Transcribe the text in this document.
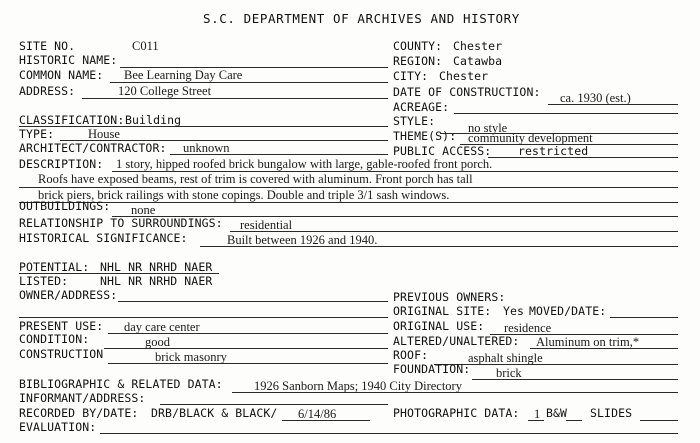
S.C. DEPARTMENT OF ARCHIVES AND HISTORY
SITE NO.	C011
HISTORIC NAME:
COMMON NAME: Bee Learning Day Care
ADDRESS:	120 College Street
COUNTY: Chester
REGION: Catawba
CITY: Chester
DATE OF CONSTRUCTION: ca. 1930 (est.)
ACREAGE:
CLASSIFICATION: Building
TYPE:	House
ARCHITECT/CONTRACTOR: unknown
STYLE:	no style
THEME(S): community development
PUBLIC ACCESS: restricted
DESCRIPTION: 1 story, hipped roofed brick bungalow with large, gable-roofed front porch.
Roofs have exposed beams, rest of trim is covered with aluminum. Front porch has tall
brick piers, brick railings with stone copings. Double and triple 3/1 sash windows.
OUTBUILDINGS: none
RELATIONSHIP TO SURROUNDINGS: residential
HISTORICAL SIGNIFICANCE:	Built between 1926 and 1940.
POTENTIAL: NHL NR NRHD NAER
LISTED:	NHL NR NRHD NAER
OWNER/ADDRESS:	PREVIOUS OWNERS:
ORIGINAL SITE: Yes MOVED/DATE:
PRESENT USE: day care center	ORIGINAL USE: residence
CONDITION:	good	ALTERED/UNALTERED: Aluminum on trim,*
CONSTRUCTION	brick masonry	ROOF:	asphalt shingle
FOUNDATION: brick
BIBLIOGRAPHIC & RELATED DATA:	1926 Sanborn Maps; 1940 City Directory
INFORMANT/ADDRESS:
RECORDED BY/DATE: DRB/BLACK & BLACK/ 6/14/86	PHOTOGRAPHIC DATA: 1 B&W SLIDES
EVALUATION:
